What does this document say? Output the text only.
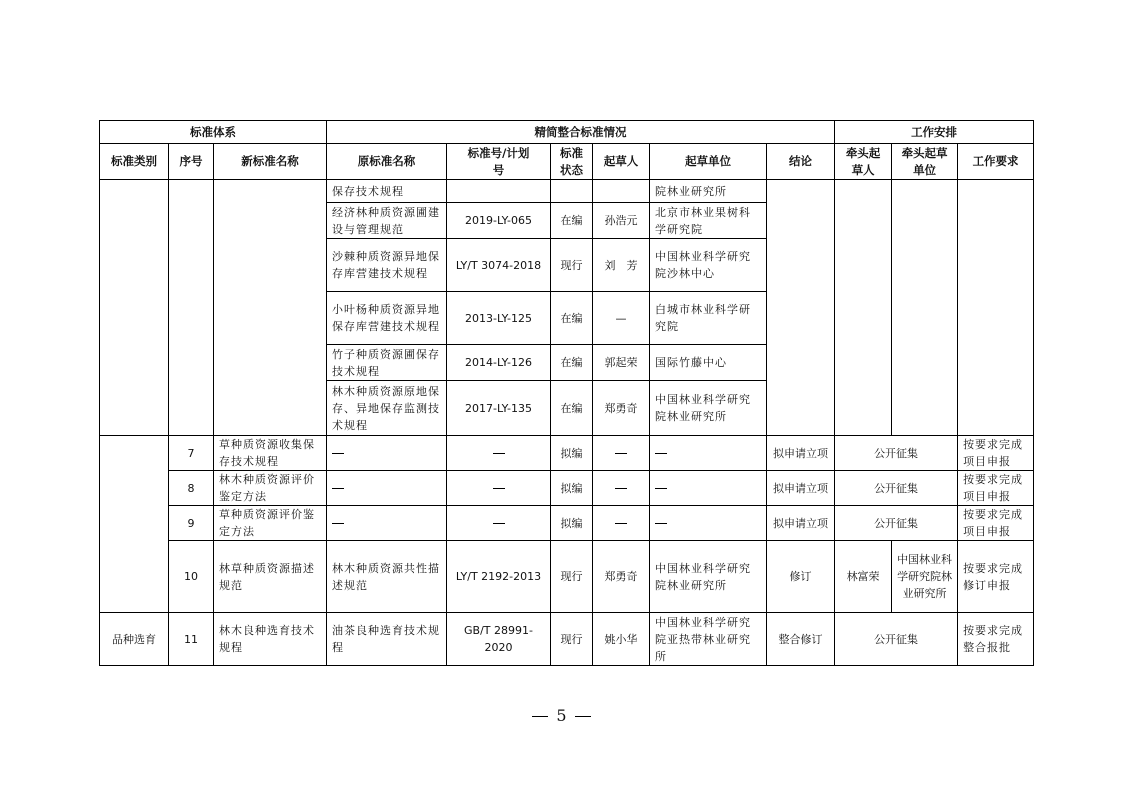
标准体系			精简整合标准情况						工作安排		
标准类别	序号	新标准名称	原标准名称	标准号/计划号	标准状态	起草人	起草单位	结论	牵头起草人	牵头起草单位	工作要求
			保存技术规程				院林业研究所				
			经济林种质资源圃建设与管理规范	2019-LY-065	在编	孙浩元	北京市林业果树科学研究院				
			沙棘种质资源异地保存库营建技术规程	LY/T 3074-2018	现行	刘　芳	中国林业科学研究院沙林中心				
			小叶杨种质资源异地保存库营建技术规程	2013-LY-125	在编	—	白城市林业科学研究院				
			竹子种质资源圃保存技术规程	2014-LY-126	在编	郭起荣	国际竹藤中心				
			林木种质资源原地保存、异地保存监测技术规程	2017-LY-135	在编	郑勇奇	中国林业科学研究院林业研究所				
	7	草种质资源收集保存技术规程			拟编			拟申请立项	公开征集		按要求完成项目申报
	8	林木种质资源评价鉴定方法			拟编			拟申请立项	公开征集		按要求完成项目申报
	9	草种质资源评价鉴定方法			拟编			拟申请立项	公开征集		按要求完成项目申报
	10	林草种质资源描述规范	林木种质资源共性描述规范	LY/T 2192-2013	现行	郑勇奇	中国林业科学研究院林业研究所	修订	林富荣	中国林业科学研究院林业研究所	按要求完成修订申报
品种选育	11	林木良种选育技术规程	油茶良种选育技术规程	GB/T 28991-2020	现行	姚小华	中国林业科学研究院亚热带林业研究所	整合修订	公开征集		按要求完成整合报批
5
